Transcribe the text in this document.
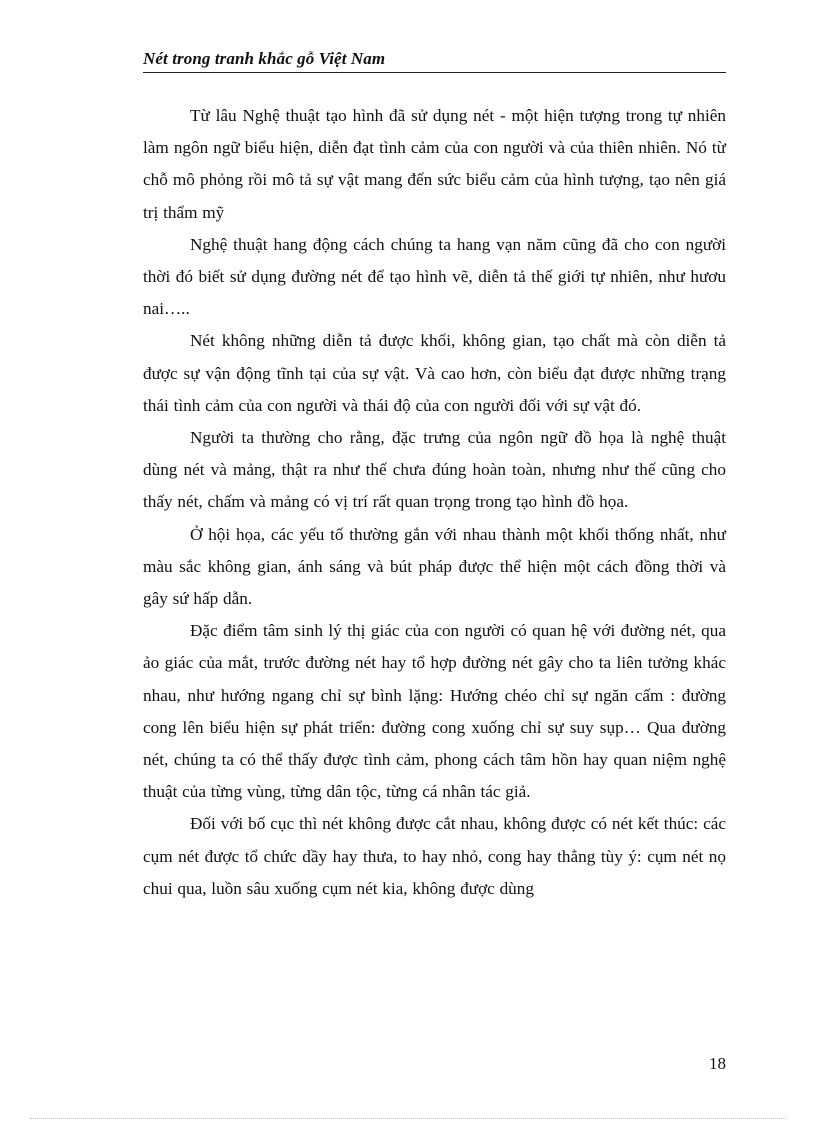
Nét trong tranh khắc gỗ Việt Nam

Từ lâu Nghệ thuật tạo hình đã sử dụng nét - một hiện tượng trong tự nhiên làm ngôn ngữ biểu hiện, diễn đạt tình cảm của con người và của thiên nhiên. Nó từ chỗ mô phỏng rồi mô tả sự vật mang đến sức biểu cảm của hình tượng, tạo nên giá trị thẩm mỹ

Nghệ thuật hang động cách chúng ta hang vạn năm cũng đã cho con người thời đó biết sử dụng đường nét để tạo hình vẽ, diễn tả thế giới tự nhiên, như hươu nai…..

Nét không những diễn tả được khối, không gian, tạo chất mà còn diễn tả được sự vận động tĩnh tại của sự vật. Và cao hơn, còn biểu đạt được những trạng thái tình cảm của con người và thái độ của con người đối với sự vật đó.

Người ta thường cho rằng, đặc trưng của ngôn ngữ đồ họa là nghệ thuật dùng nét và mảng, thật ra như thế chưa đúng hoàn toàn, nhưng như thế cũng cho thấy nét, chấm và mảng có vị trí rất quan trọng trong tạo hình đồ họa.

Ở hội họa, các yếu tố thường gắn với nhau thành một khối thống nhất, như màu sắc không gian, ánh sáng và bút pháp được thể hiện một cách đồng thời và gây sứ hấp dẫn.

Đặc điểm tâm sinh lý thị giác của con người có quan hệ với đường nét, qua ảo giác của mắt, trước đường nét hay tổ hợp đường nét gây cho ta liên tưởng khác nhau, như hướng ngang chỉ sự bình lặng: Hướng chéo chỉ sự ngăn cấm : đường cong lên biểu hiện sự phát triển: đường cong xuống chỉ sự suy sụp… Qua đường nét, chúng ta có thể thấy được tình cảm, phong cách tâm hồn hay quan niệm nghệ thuật của từng vùng, từng dân tộc, từng cá nhân tác giả.

Đối với bố cục thì nét không được cắt nhau, không được có nét kết thúc: các cụm nét được tổ chức dầy hay thưa, to hay nhỏ, cong hay thẳng tùy ý: cụm nét nọ chui qua, luồn sâu xuống cụm nét kia, không được dùng

18
